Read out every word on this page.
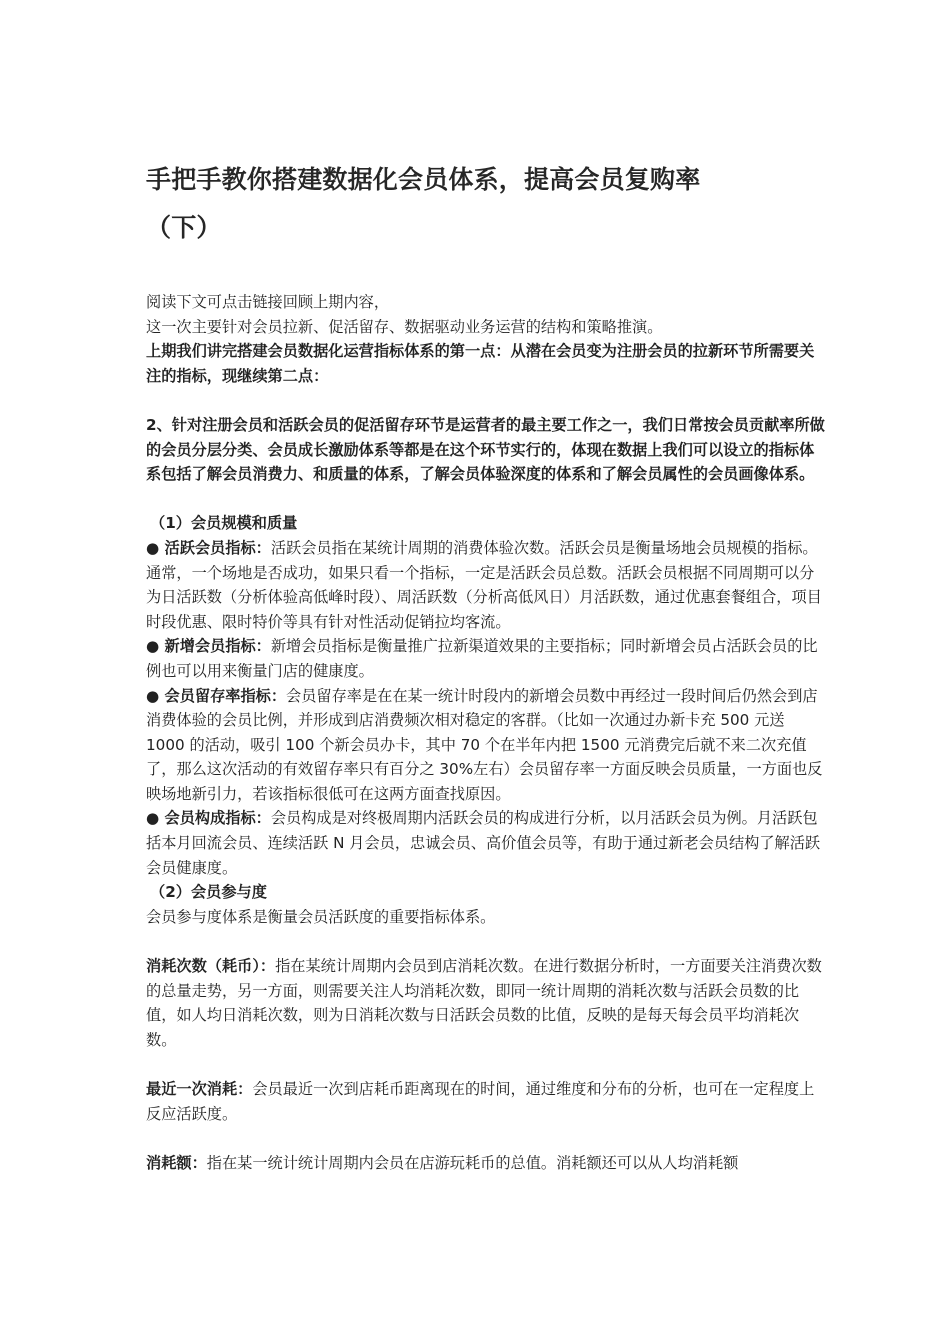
手把手教你搭建数据化会员体系，提高会员复购率
（下）

阅读下文可点击链接回顾上期内容，

这一次主要针对会员拉新、促活留存、数据驱动业务运营的结构和策略推演。

上期我们讲完搭建会员数据化运营指标体系的第一点：从潜在会员变为注册会员的拉新环节所需要关注的指标，现继续第二点：

2、针对注册会员和活跃会员的促活留存环节是运营者的最主要工作之一，我们日常按会员贡献率所做的会员分层分类、会员成长激励体系等都是在这个环节实行的，体现在数据上我们可以设立的指标体系包括了解会员消费力、和质量的体系，了解会员体验深度的体系和了解会员属性的会员画像体系。

（1）会员规模和质量

● 活跃会员指标：活跃会员指在某统计周期的消费体验次数。活跃会员是衡量场地会员规模的指标。通常，一个场地是否成功，如果只看一个指标，一定是活跃会员总数。活跃会员根据不同周期可以分为日活跃数（分析体验高低峰时段）、周活跃数（分析高低风日）月活跃数，通过优惠套餐组合，项目时段优惠、限时特价等具有针对性活动促销拉均客流。

● 新增会员指标：新增会员指标是衡量推广拉新渠道效果的主要指标；同时新增会员占活跃会员的比例也可以用来衡量门店的健康度。

● 会员留存率指标：会员留存率是在在某一统计时段内的新增会员数中再经过一段时间后仍然会到店消费体验的会员比例，并形成到店消费频次相对稳定的客群。（比如一次通过办新卡充 500 元送 1000 的活动，吸引 100 个新会员办卡，其中 70 个在半年内把 1500 元消费完后就不来二次充值了，那么这次活动的有效留存率只有百分之 30%左右）会员留存率一方面反映会员质量，一方面也反映场地新引力，若该指标很低可在这两方面查找原因。

● 会员构成指标：会员构成是对终极周期内活跃会员的构成进行分析，以月活跃会员为例。月活跃包括本月回流会员、连续活跃 N 月会员，忠诚会员、高价值会员等，有助于通过新老会员结构了解活跃会员健康度。

（2）会员参与度

会员参与度体系是衡量会员活跃度的重要指标体系。

消耗次数（耗币）：指在某统计周期内会员到店消耗次数。在进行数据分析时，一方面要关注消费次数的总量走势，另一方面，则需要关注人均消耗次数，即同一统计周期的消耗次数与活跃会员数的比值，如人均日消耗次数，则为日消耗次数与日活跃会员数的比值，反映的是每天每会员平均消耗次数。

最近一次消耗：会员最近一次到店耗币距离现在的时间，通过维度和分布的分析，也可在一定程度上反应活跃度。

消耗额：指在某一统计统计周期内会员在店游玩耗币的总值。消耗额还可以从人均消耗额
